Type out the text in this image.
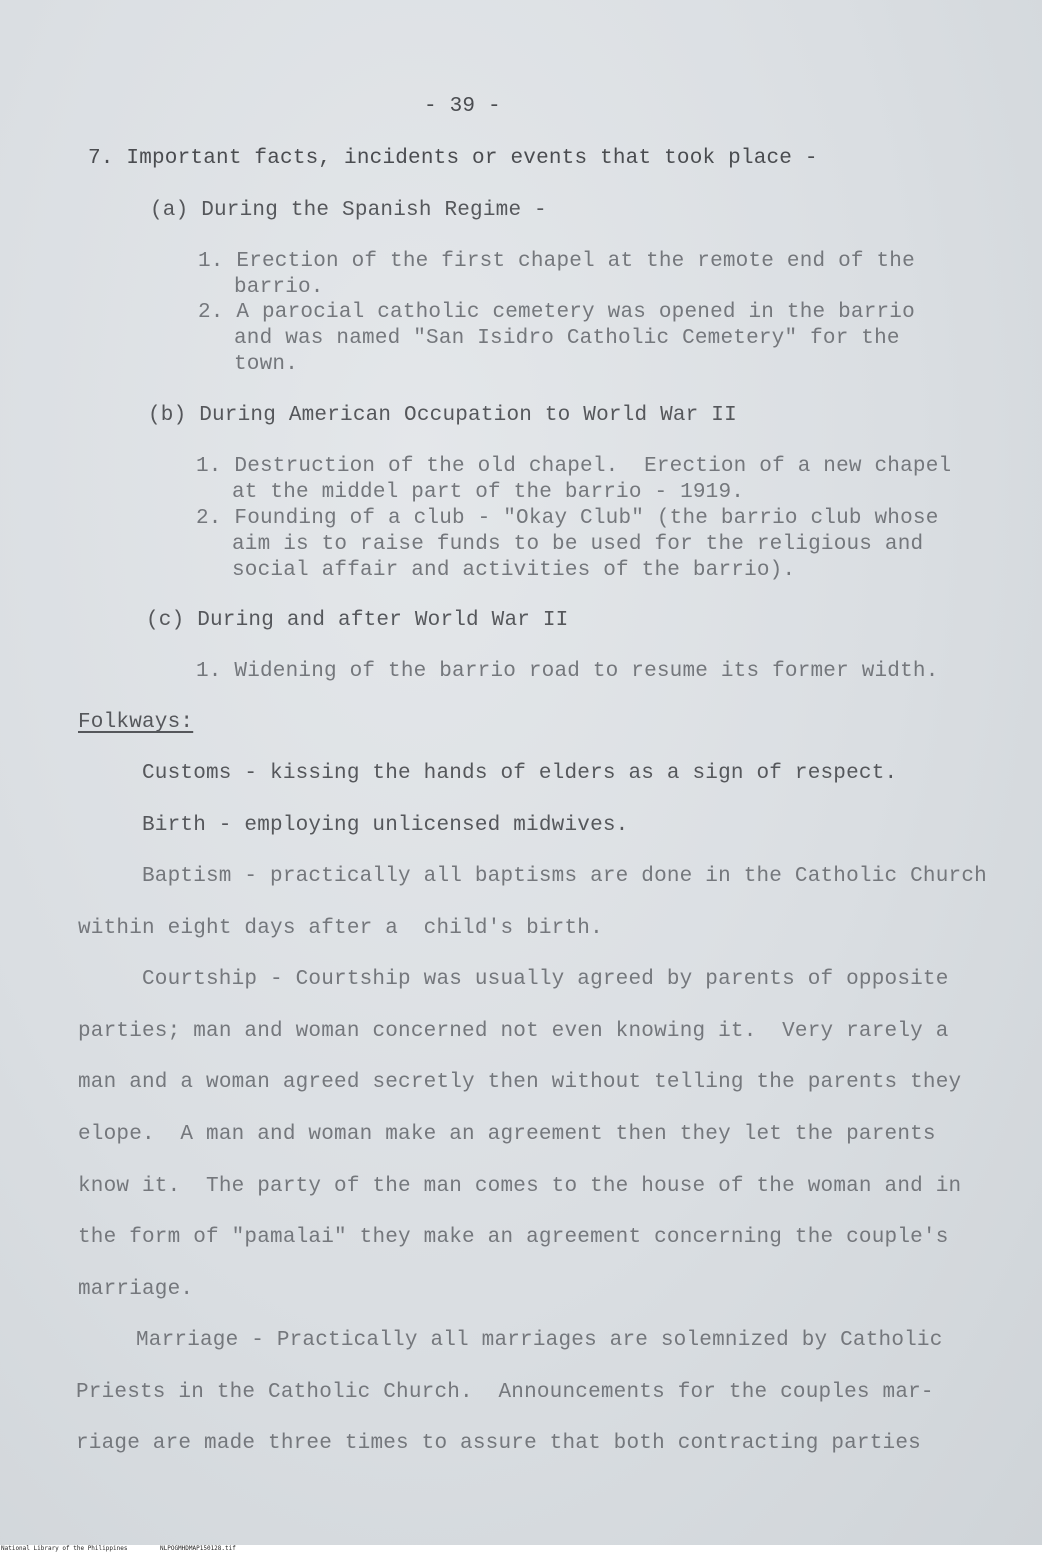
- 39 -
7. Important facts, incidents or events that took place -
(a) During the Spanish Regime -
1. Erection of the first chapel at the remote end of the
barrio.
2. A parocial catholic cemetery was opened in the barrio
and was named "San Isidro Catholic Cemetery" for the
town.
(b) During American Occupation to World War II
1. Destruction of the old chapel.  Erection of a new chapel
at the middel part of the barrio - 1919.
2. Founding of a club - "Okay Club" (the barrio club whose
aim is to raise funds to be used for the religious and
social affair and activities of the barrio).
(c) During and after World War II
1. Widening of the barrio road to resume its former width.
Folkways:
Customs - kissing the hands of elders as a sign of respect.
Birth - employing unlicensed midwives.
Baptism - practically all baptisms are done in the Catholic Church
within eight days after a  child's birth.
Courtship - Courtship was usually agreed by parents of opposite
parties; man and woman concerned not even knowing it.  Very rarely a
man and a woman agreed secretly then without telling the parents they
elope.  A man and woman make an agreement then they let the parents
know it.  The party of the man comes to the house of the woman and in
the form of "pamalai" they make an agreement concerning the couple's
marriage.
Marriage - Practically all marriages are solemnized by Catholic
Priests in the Catholic Church.  Announcements for the couples mar-
riage are made three times to assure that both contracting parties
National Library of the Philippines	NLPOGMHDMAP150128.tif
